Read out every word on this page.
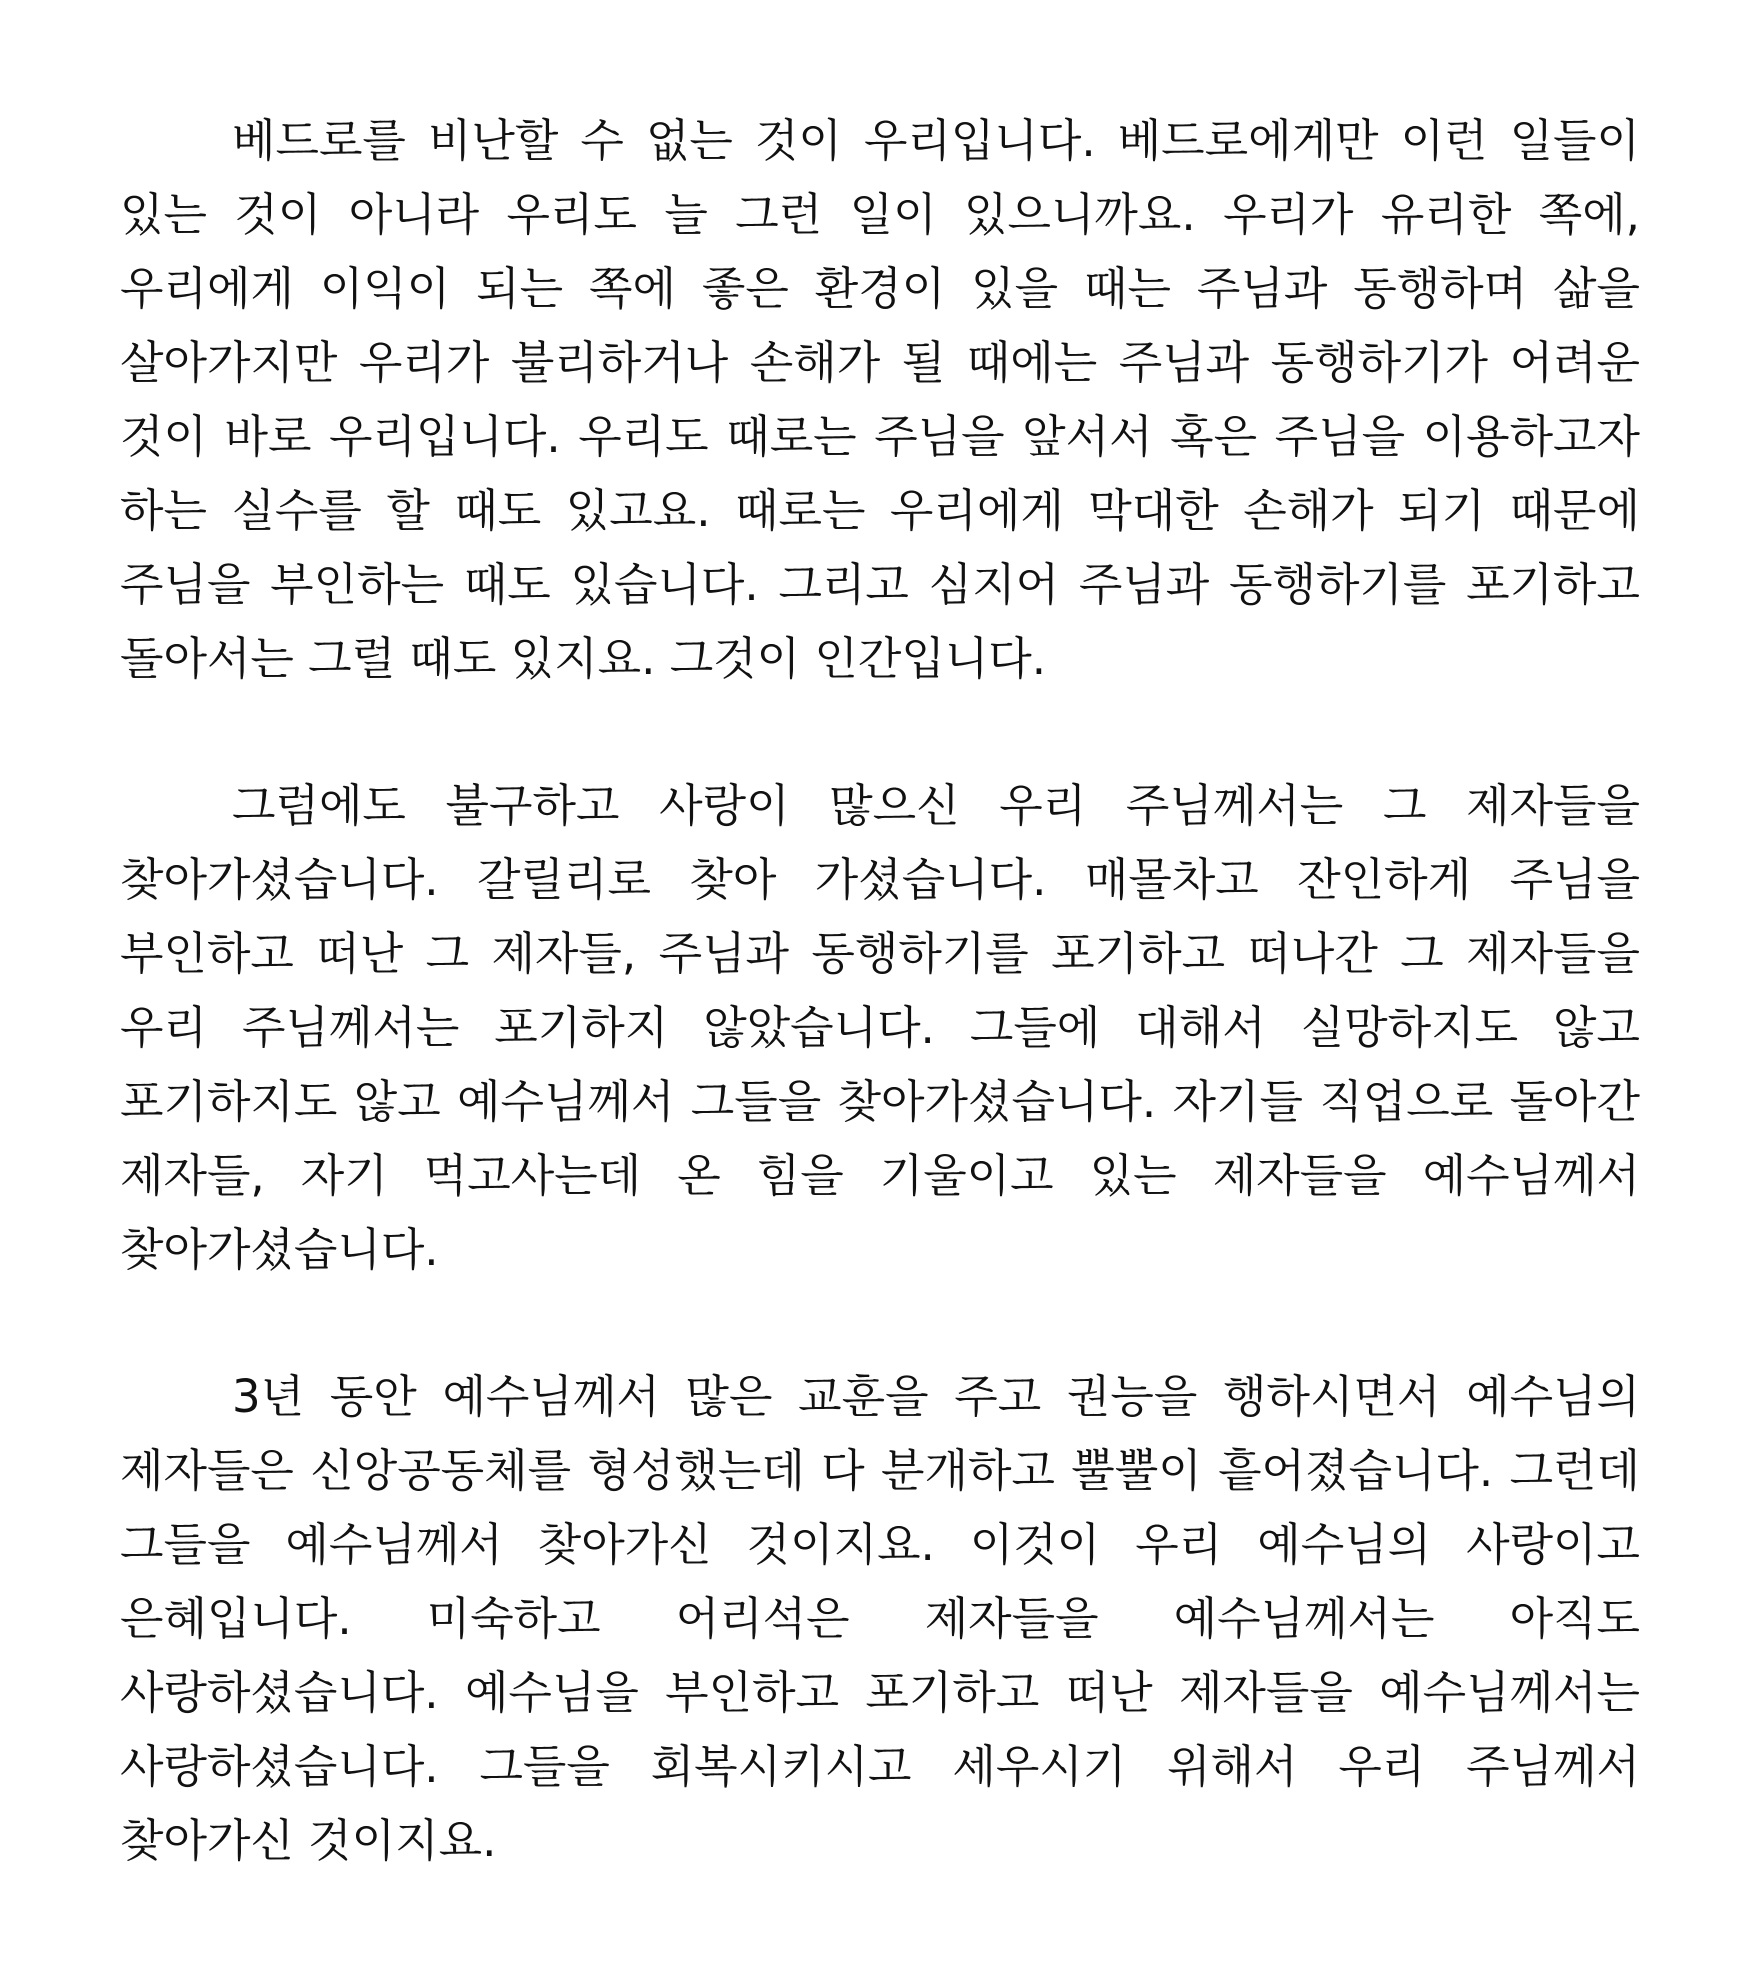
베드로를 비난할 수 없는 것이 우리입니다. 베드로에게만 이런 일들이 있는 것이 아니라 우리도 늘 그런 일이 있으니까요. 우리가 유리한 쪽에, 우리에게 이익이 되는 쪽에 좋은 환경이 있을 때는 주님과 동행하며 삶을 살아가지만 우리가 불리하거나 손해가 될 때에는 주님과 동행하기가 어려운 것이 바로 우리입니다. 우리도 때로는 주님을 앞서서 혹은 주님을 이용하고자 하는 실수를 할 때도 있고요. 때로는 우리에게 막대한 손해가 되기 때문에 주님을 부인하는 때도 있습니다. 그리고 심지어 주님과 동행하기를 포기하고 돌아서는 그럴 때도 있지요. 그것이 인간입니다.

그럼에도 불구하고 사랑이 많으신 우리 주님께서는 그 제자들을 찾아가셨습니다. 갈릴리로 찾아 가셨습니다. 매몰차고 잔인하게 주님을 부인하고 떠난 그 제자들, 주님과 동행하기를 포기하고 떠나간 그 제자들을 우리 주님께서는 포기하지 않았습니다. 그들에 대해서 실망하지도 않고 포기하지도 않고 예수님께서 그들을 찾아가셨습니다. 자기들 직업으로 돌아간 제자들, 자기 먹고사는데 온 힘을 기울이고 있는 제자들을 예수님께서 찾아가셨습니다.

3년 동안 예수님께서 많은 교훈을 주고 권능을 행하시면서 예수님의 제자들은 신앙공동체를 형성했는데 다 분개하고 뿔뿔이 흩어졌습니다. 그런데 그들을 예수님께서 찾아가신 것이지요. 이것이 우리 예수님의 사랑이고 은혜입니다. 미숙하고 어리석은 제자들을 예수님께서는 아직도 사랑하셨습니다. 예수님을 부인하고 포기하고 떠난 제자들을 예수님께서는 사랑하셨습니다. 그들을 회복시키시고 세우시기 위해서 우리 주님께서 찾아가신 것이지요.
